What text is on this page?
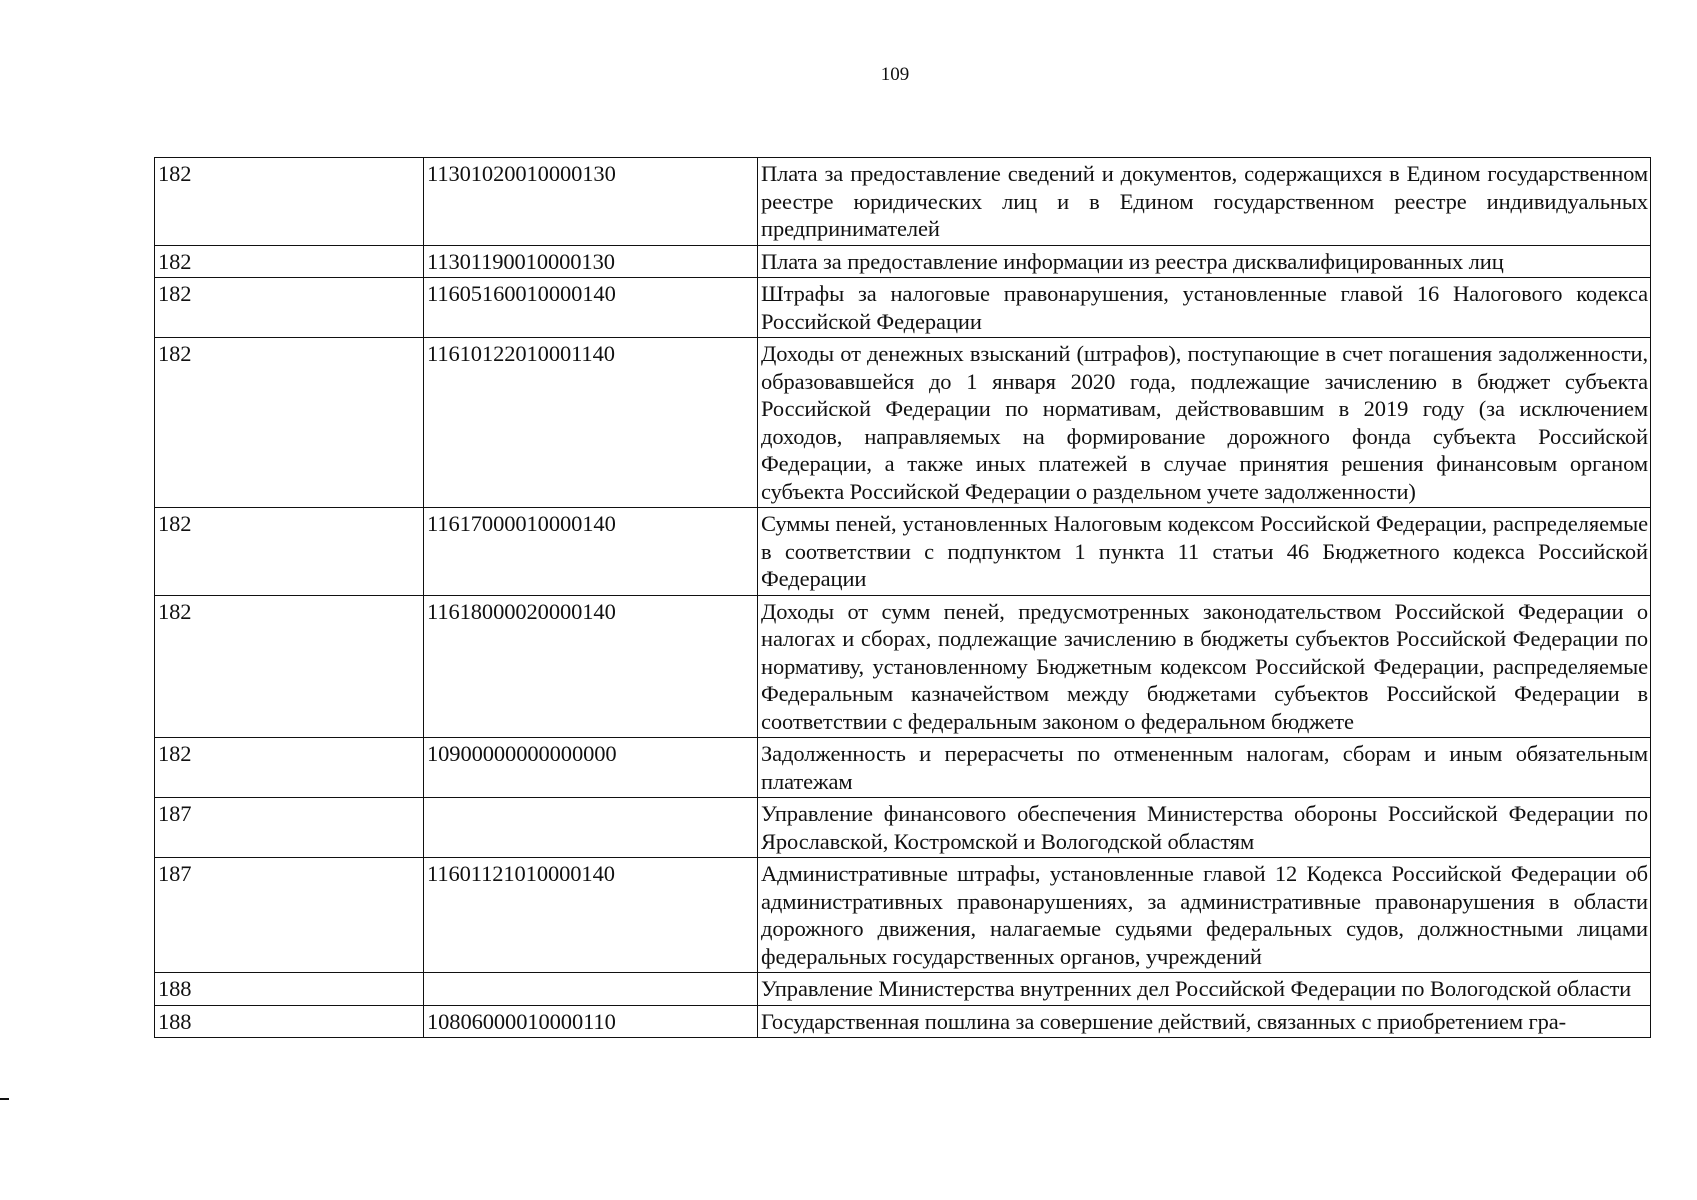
109
182	11301020010000130	Плата за предоставление сведений и документов, содержащихся в Едином государственном реестре юридических лиц и в Едином государственном реестре индивидуальных предпринимателей
182	11301190010000130	Плата за предоставление информации из реестра дисквалифицированных лиц
182	11605160010000140	Штрафы за налоговые правонарушения, установленные главой 16 Налогового кодекса Российской Федерации
182	11610122010001140	Доходы от денежных взысканий (штрафов), поступающие в счет погашения задолженности, образовавшейся до 1 января 2020 года, подлежащие зачислению в бюджет субъекта Российской Федерации по нормативам, действовавшим в 2019 году (за исключением доходов, направляемых на формирование дорожного фонда субъекта Российской Федерации, а также иных платежей в случае принятия решения финансовым органом субъекта Российской Федерации о раздельном учете задолженности)
182	11617000010000140	Суммы пеней, установленных Налоговым кодексом Российской Федерации, распределяемые в соответствии с подпунктом 1 пункта 11 статьи 46 Бюджетного кодекса Российской Федерации
182	11618000020000140	Доходы от сумм пеней, предусмотренных законодательством Российской Федерации о налогах и сборах, подлежащие зачислению в бюджеты субъектов Российской Федерации по нормативу, установленному Бюджетным кодексом Российской Федерации, распределяемые Федеральным казначейством между бюджетами субъектов Российской Федерации в соответствии с федеральным законом о федеральном бюджете
182	10900000000000000	Задолженность и перерасчеты по отмененным налогам, сборам и иным обязательным платежам
187		Управление финансового обеспечения Министерства обороны Российской Федерации по Ярославской, Костромской и Вологодской областям
187	11601121010000140	Административные штрафы, установленные главой 12 Кодекса Российской Федерации об административных правонарушениях, за административные правонарушения в области дорожного движения, налагаемые судьями федеральных судов, должностными лицами федеральных государственных органов, учреждений
188		Управление Министерства внутренних дел Российской Федерации по Вологодской области
188	10806000010000110	Государственная пошлина за совершение действий, связанных с приобретением гра-
